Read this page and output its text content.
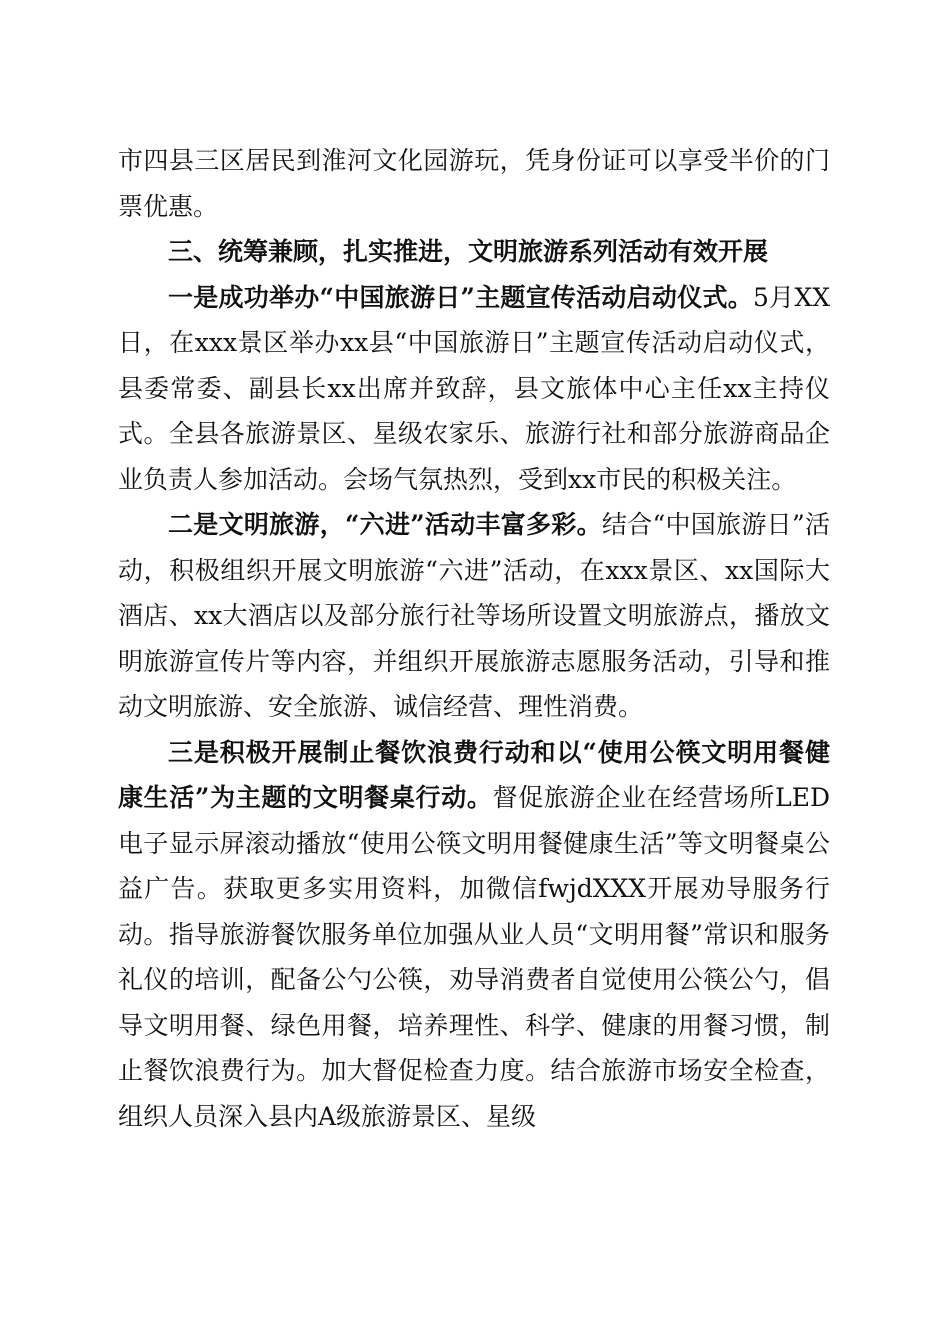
市四县三区居民到淮河文化园游玩，凭身份证可以享受半价的门票优惠。

三、统筹兼顾，扎实推进，文明旅游系列活动有效开展

一是成功举办“中国旅游日”主题宣传活动启动仪式。5月XX日，在xxx景区举办xx县“中国旅游日”主题宣传活动启动仪式，县委常委、副县长xx出席并致辞，县文旅体中心主任xx主持仪式。全县各旅游景区、星级农家乐、旅游行社和部分旅游商品企业负责人参加活动。会场气氛热烈，受到xx市民的积极关注。

二是文明旅游，“六进”活动丰富多彩。结合“中国旅游日”活动，积极组织开展文明旅游“六进”活动，在xxx景区、xx国际大酒店、xx大酒店以及部分旅行社等场所设置文明旅游点，播放文明旅游宣传片等内容，并组织开展旅游志愿服务活动，引导和推动文明旅游、安全旅游、诚信经营、理性消费。

三是积极开展制止餐饮浪费行动和以“使用公筷文明用餐健康生活”为主题的文明餐桌行动。督促旅游企业在经营场所LED电子显示屏滚动播放“使用公筷文明用餐健康生活”等文明餐桌公益广告。获取更多实用资料，加微信fwjdXXX开展劝导服务行动。指导旅游餐饮服务单位加强从业人员“文明用餐”常识和服务礼仪的培训，配备公勺公筷，劝导消费者自觉使用公筷公勺，倡导文明用餐、绿色用餐，培养理性、科学、健康的用餐习惯，制止餐饮浪费行为。加大督促检查力度。结合旅游市场安全检查，组织人员深入县内A级旅游景区、星级
